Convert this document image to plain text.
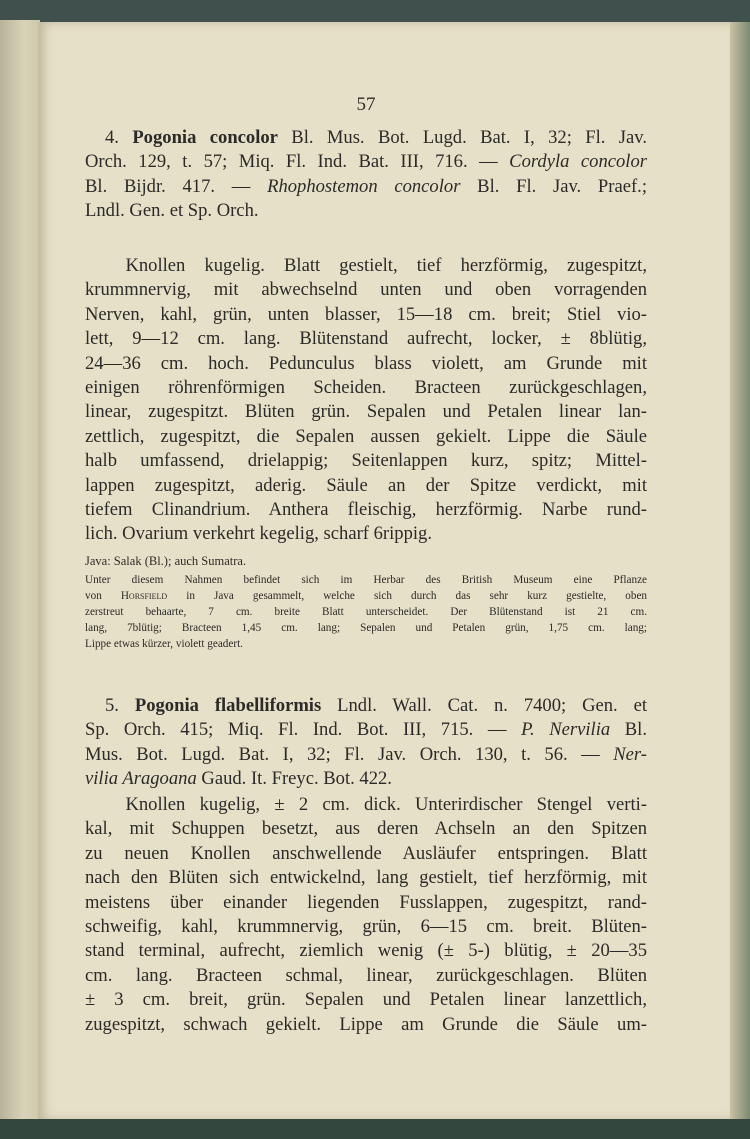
57
4. Pogonia concolor Bl. Mus. Bot. Lugd. Bat. I, 32; Fl. Jav.
Orch. 129, t. 57; Miq. Fl. Ind. Bat. III, 716. — Cordyla concolor
Bl. Bijdr. 417. — Rhophostemon concolor Bl. Fl. Jav. Praef.;
Lndl. Gen. et Sp. Orch.
Knollen kugelig. Blatt gestielt, tief herzförmig, zugespitzt,
krummnervig, mit abwechselnd unten und oben vorragenden
Nerven, kahl, grün, unten blasser, 15—18 cm. breit; Stiel vio-
lett, 9—12 cm. lang. Blütenstand aufrecht, locker, ± 8blütig,
24—36 cm. hoch. Pedunculus blass violett, am Grunde mit
einigen röhrenförmigen Scheiden. Bracteen zurückgeschlagen,
linear, zugespitzt. Blüten grün. Sepalen und Petalen linear lan-
zettlich, zugespitzt, die Sepalen aussen gekielt. Lippe die Säule
halb umfassend, drielappig; Seitenlappen kurz, spitz; Mittel-
lappen zugespitzt, aderig. Säule an der Spitze verdickt, mit
tiefem Clinandrium. Anthera fleischig, herzförmig. Narbe rund-
lich. Ovarium verkehrt kegelig, scharf 6rippig.

Java: Salak (Bl.); auch Sumatra.

Unter diesem Nahmen befindet sich im Herbar des British Museum eine Pflanze
von Horsfield in Java gesammelt, welche sich durch das sehr kurz gestielte, oben
zerstreut behaarte, 7 cm. breite Blatt unterscheidet. Der Blütenstand ist 21 cm.
lang, 7blütig; Bracteen 1,45 cm. lang; Sepalen und Petalen grün, 1,75 cm. lang;
Lippe etwas kürzer, violett geadert.
5. Pogonia flabelliformis Lndl. Wall. Cat. n. 7400; Gen. et
Sp. Orch. 415; Miq. Fl. Ind. Bot. III, 715. — P. Nervilia Bl.
Mus. Bot. Lugd. Bat. I, 32; Fl. Jav. Orch. 130, t. 56. — Ner-
vilia Aragoana Gaud. It. Freyc. Bot. 422.
Knollen kugelig, ± 2 cm. dick. Unterirdischer Stengel verti-
kal, mit Schuppen besetzt, aus deren Achseln an den Spitzen
zu neuen Knollen anschwellende Ausläufer entspringen. Blatt
nach den Blüten sich entwickelnd, lang gestielt, tief herzförmig, mit
meistens über einander liegenden Fusslappen, zugespitzt, rand-
schweifig, kahl, krummnervig, grün, 6—15 cm. breit. Blüten-
stand terminal, aufrecht, ziemlich wenig (± 5-) blütig, ± 20—35
cm. lang. Bracteen schmal, linear, zurückgeschlagen. Blüten
± 3 cm. breit, grün. Sepalen und Petalen linear lanzettlich,
zugespitzt, schwach gekielt. Lippe am Grunde die Säule um-
